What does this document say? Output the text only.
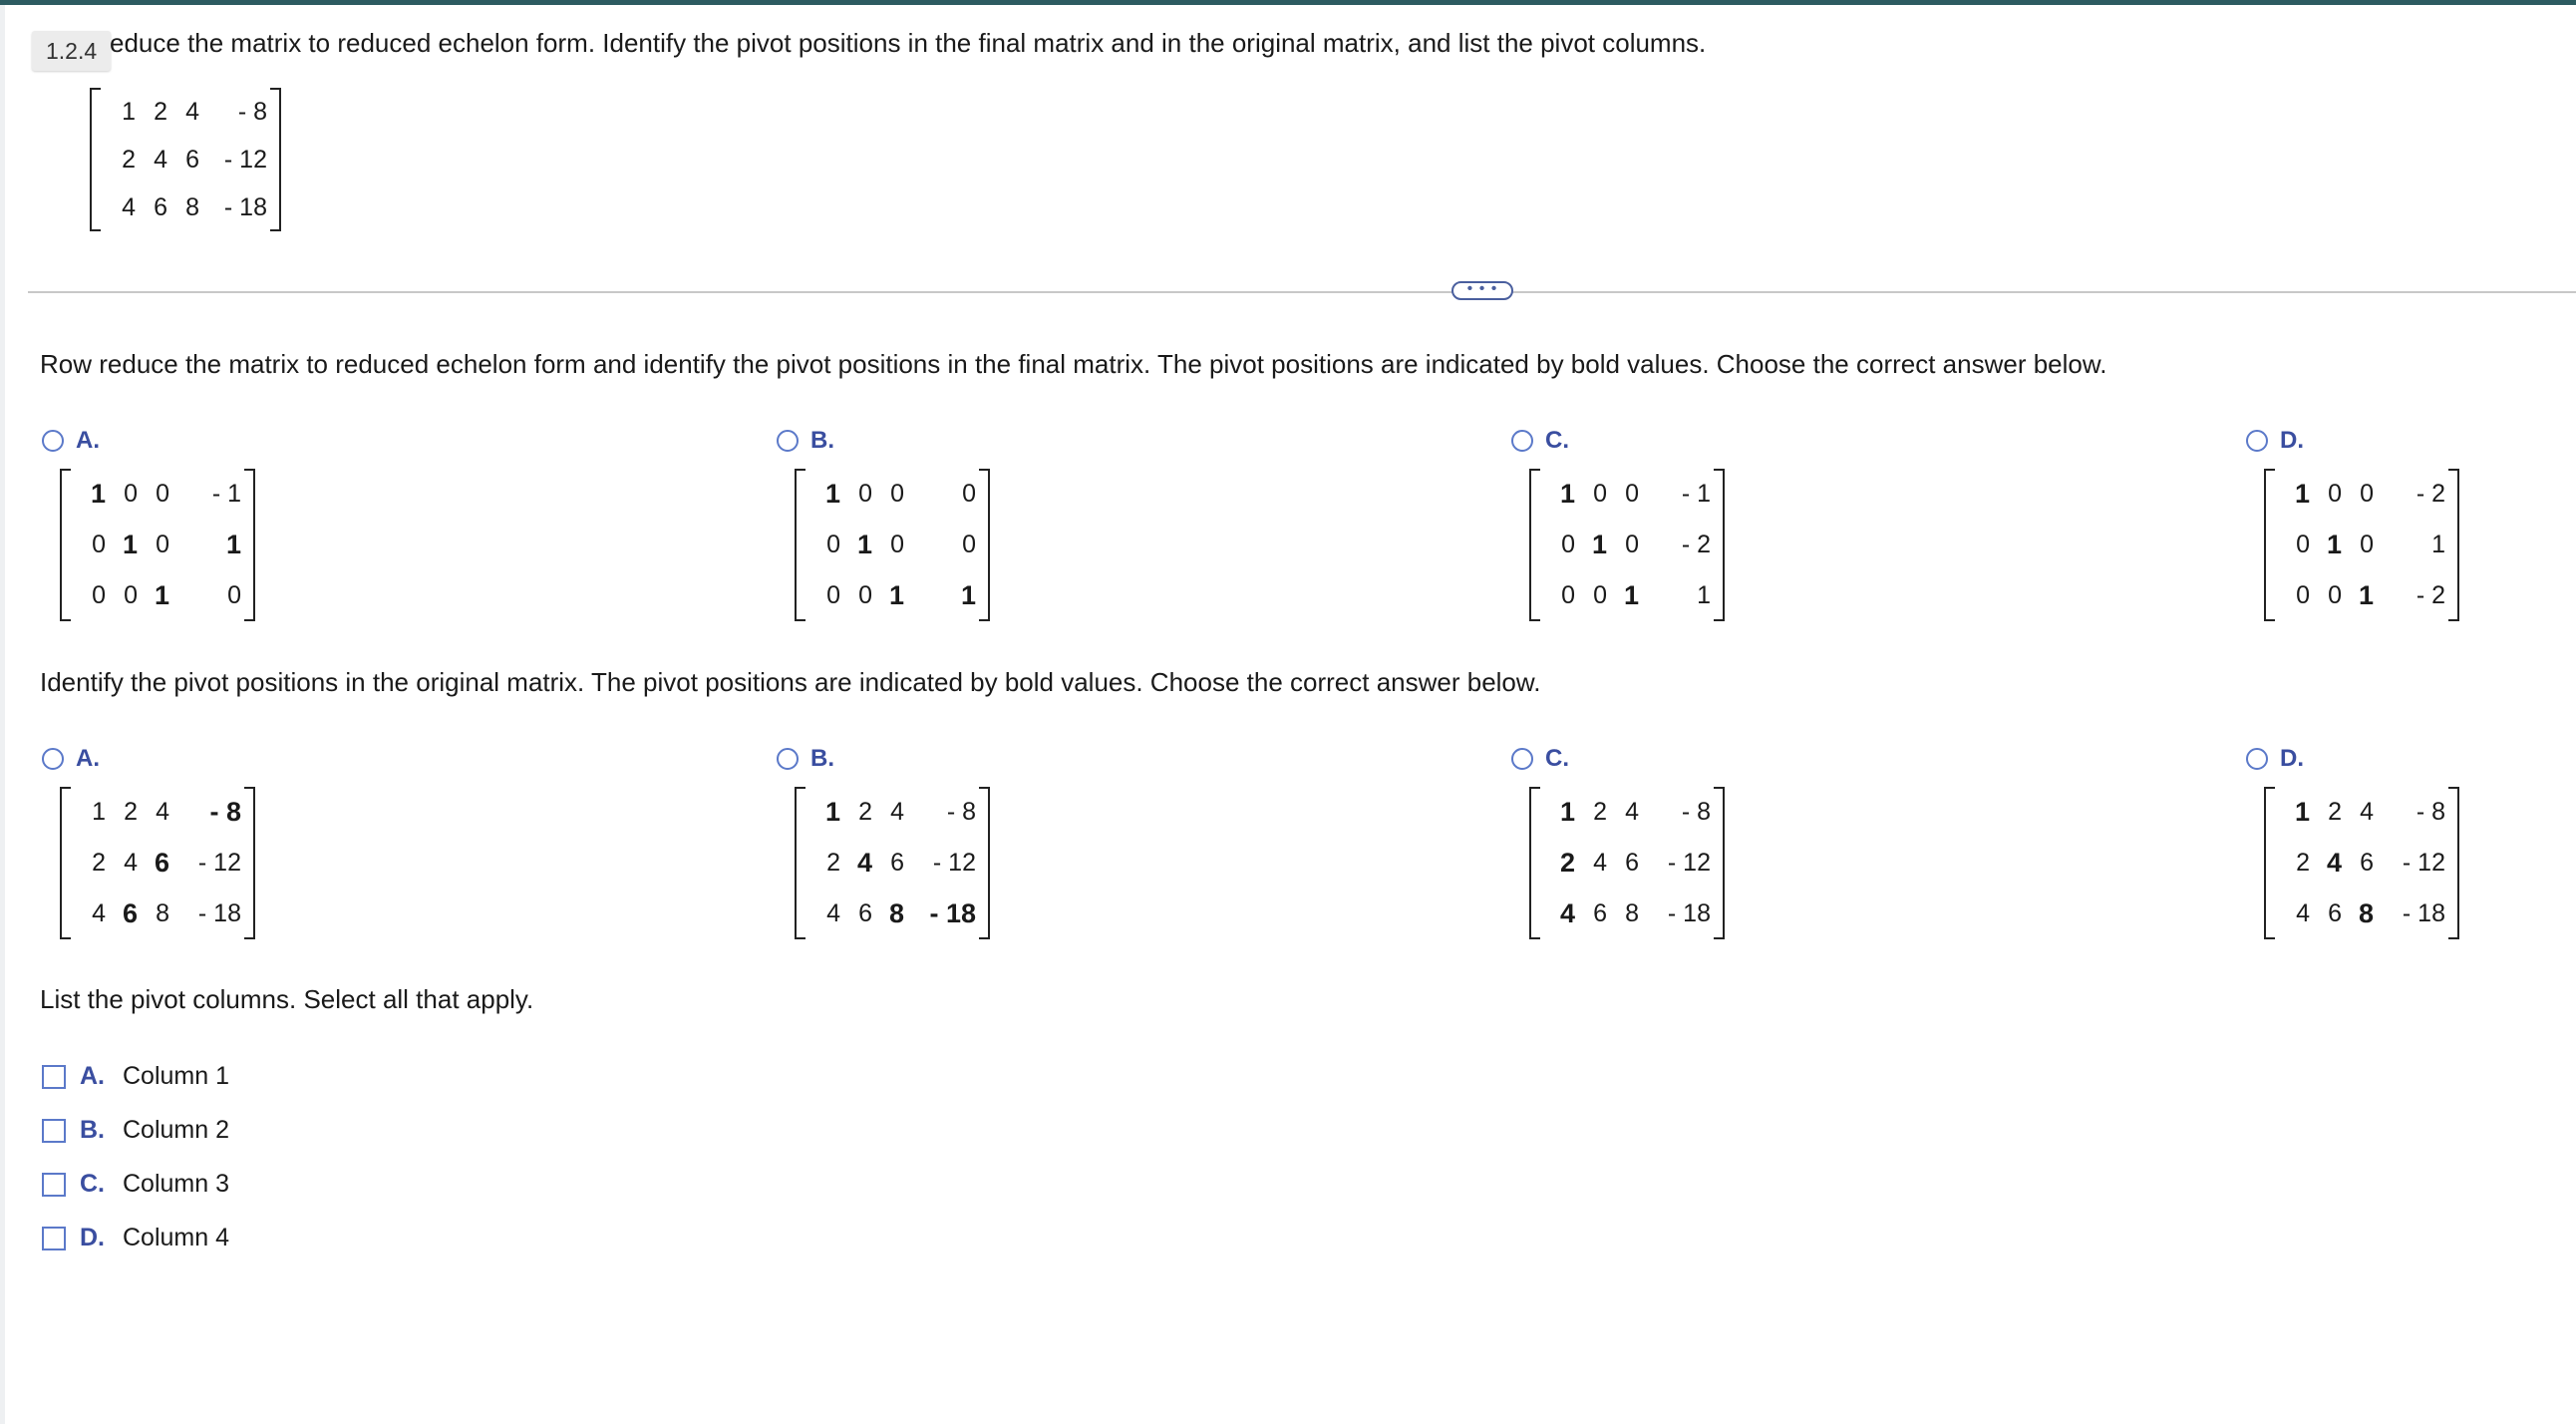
1.2.4 educe the matrix to reduced echelon form. Identify the pivot positions in the final matrix and in the original matrix, and list the pivot columns.
1	2	4	- 8
2	4	6	- 12
4	6	8	- 18
• • •
Row reduce the matrix to reduced echelon form and identify the pivot positions in the final matrix. The pivot positions are indicated by bold values. Choose the correct answer below.
A.
1	0	0	- 1
0	1	0	1
0	0	1	0
B.
1	0	0	0
0	1	0	0
0	0	1	1
C.
1	0	0	- 1
0	1	0	- 2
0	0	1	1
D.
1	0	0	- 2
0	1	0	1
0	0	1	- 2
Identify the pivot positions in the original matrix. The pivot positions are indicated by bold values. Choose the correct answer below.
A.
1	2	4	- 8
2	4	6	- 12
4	6	8	- 18
B.
1	2	4	- 8
2	4	6	- 12
4	6	8	- 18
C.
1	2	4	- 8
2	4	6	- 12
4	6	8	- 18
D.
1	2	4	- 8
2	4	6	- 12
4	6	8	- 18
List the pivot columns. Select all that apply.
A. Column 1
B. Column 2
C. Column 3
D. Column 4
